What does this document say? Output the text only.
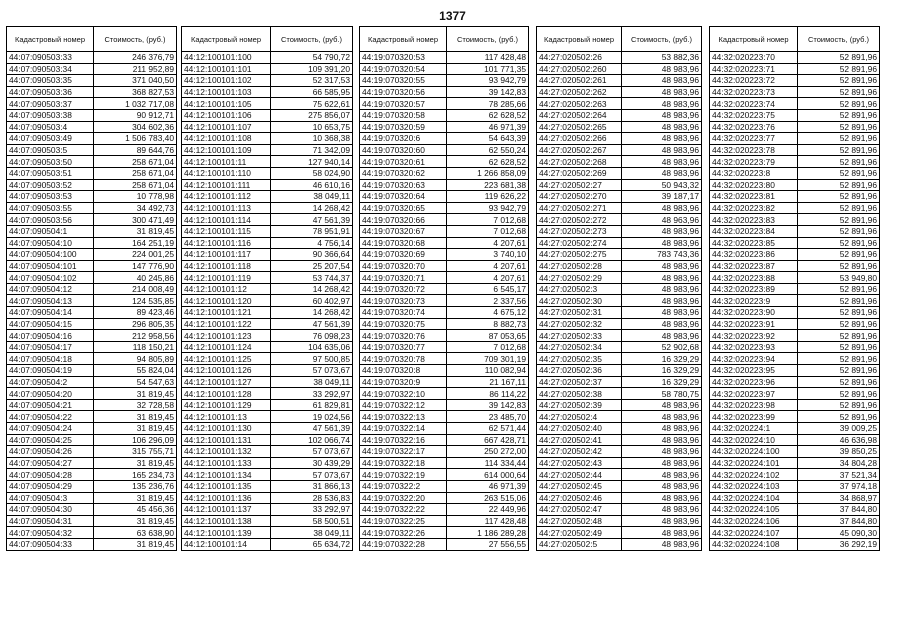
1377
Кадастровый номер	Стоимость, (руб.)
44:07:090503:33	246 376,79
44:07:090503:34	211 952,89
44:07:090503:35	371 040,50
44:07:090503:36	368 827,53
44:07:090503:37	1 032 717,08
44:07:090503:38	90 912,71
44:07:090503:4	304 602,36
44:07:090503:49	1 506 783,40
44:07:090503:5	89 644,76
44:07:090503:50	258 671,04
44:07:090503:51	258 671,04
44:07:090503:52	258 671,04
44:07:090503:53	10 778,98
44:07:090503:55	34 492,73
44:07:090503:56	300 471,49
44:07:090504:1	31 819,45
44:07:090504:10	164 251,19
44:07:090504:100	224 001,25
44:07:090504:101	147 776,90
44:07:090504:102	40 245,86
44:07:090504:12	214 008,49
44:07:090504:13	124 535,85
44:07:090504:14	89 423,46
44:07:090504:15	296 805,35
44:07:090504:16	212 958,56
44:07:090504:17	118 150,21
44:07:090504:18	94 805,89
44:07:090504:19	55 824,04
44:07:090504:2	54 547,63
44:07:090504:20	31 819,45
44:07:090504:21	32 728,58
44:07:090504:22	31 819,45
44:07:090504:24	31 819,45
44:07:090504:25	106 296,09
44:07:090504:26	315 755,71
44:07:090504:27	31 819,45
44:07:090504:28	165 234,73
44:07:090504:29	135 236,76
44:07:090504:3	31 819,45
44:07:090504:30	45 456,36
44:07:090504:31	31 819,45
44:07:090504:32	63 638,90
44:07:090504:33	31 819,45
Кадастровый номер	Стоимость, (руб.)
44:12:100101:100	54 790,72
44:12:100101:101	109 391,20
44:12:100101:102	52 317,53
44:12:100101:103	66 585,95
44:12:100101:105	75 622,61
44:12:100101:106	275 856,07
44:12:100101:107	10 653,75
44:12:100101:108	10 368,38
44:12:100101:109	71 342,09
44:12:100101:11	127 940,14
44:12:100101:110	58 024,90
44:12:100101:111	46 610,16
44:12:100101:112	38 049,11
44:12:100101:113	14 268,42
44:12:100101:114	47 561,39
44:12:100101:115	78 951,91
44:12:100101:116	4 756,14
44:12:100101:117	90 366,64
44:12:100101:118	25 207,54
44:12:100101:119	53 744,37
44:12:100101:12	14 268,42
44:12:100101:120	60 402,97
44:12:100101:121	14 268,42
44:12:100101:122	47 561,39
44:12:100101:123	76 098,23
44:12:100101:124	104 635,06
44:12:100101:125	97 500,85
44:12:100101:126	57 073,67
44:12:100101:127	38 049,11
44:12:100101:128	33 292,97
44:12:100101:129	61 829,81
44:12:100101:13	19 024,56
44:12:100101:130	47 561,39
44:12:100101:131	102 066,74
44:12:100101:132	57 073,67
44:12:100101:133	30 439,29
44:12:100101:134	57 073,67
44:12:100101:135	31 866,13
44:12:100101:136	28 536,83
44:12:100101:137	33 292,97
44:12:100101:138	58 500,51
44:12:100101:139	38 049,11
44:12:100101:14	65 634,72
Кадастровый номер	Стоимость, (руб.)
44:19:070320:53	117 428,48
44:19:070320:54	101 771,35
44:19:070320:55	93 942,79
44:19:070320:56	39 142,83
44:19:070320:57	78 285,66
44:19:070320:58	62 628,52
44:19:070320:59	46 971,39
44:19:070320:6	54 643,39
44:19:070320:60	62 550,24
44:19:070320:61	62 628,52
44:19:070320:62	1 266 858,09
44:19:070320:63	223 681,38
44:19:070320:64	119 626,22
44:19:070320:65	93 942,79
44:19:070320:66	7 012,68
44:19:070320:67	7 012,68
44:19:070320:68	4 207,61
44:19:070320:69	3 740,10
44:19:070320:70	4 207,61
44:19:070320:71	4 207,61
44:19:070320:72	6 545,17
44:19:070320:73	2 337,56
44:19:070320:74	4 675,12
44:19:070320:75	8 882,73
44:19:070320:76	87 053,65
44:19:070320:77	7 012,68
44:19:070320:78	709 301,19
44:19:070320:8	110 082,94
44:19:070320:9	21 167,11
44:19:070322:10	86 114,22
44:19:070322:12	39 142,83
44:19:070322:13	23 485,70
44:19:070322:14	62 571,44
44:19:070322:16	667 428,71
44:19:070322:17	250 272,00
44:19:070322:18	114 334,44
44:19:070322:19	614 000,64
44:19:070322:2	46 971,39
44:19:070322:20	263 515,06
44:19:070322:22	22 449,96
44:19:070322:25	117 428,48
44:19:070322:26	1 186 289,28
44:19:070322:28	27 556,55
Кадастровый номер	Стоимость, (руб.)
44:27:020502:26	53 882,36
44:27:020502:260	48 983,96
44:27:020502:261	48 983,96
44:27:020502:262	48 983,96
44:27:020502:263	48 983,96
44:27:020502:264	48 983,96
44:27:020502:265	48 983,96
44:27:020502:266	48 983,96
44:27:020502:267	48 983,96
44:27:020502:268	48 983,96
44:27:020502:269	48 983,96
44:27:020502:27	50 943,32
44:27:020502:270	39 187,17
44:27:020502:271	48 983,96
44:27:020502:272	48 963,96
44:27:020502:273	48 983,96
44:27:020502:274	48 983,96
44:27:020502:275	783 743,36
44:27:020502:28	48 983,96
44:27:020502:29	48 983,96
44:27:020502:3	48 983,96
44:27:020502:30	48 983,96
44:27:020502:31	48 983,96
44:27:020502:32	48 983,96
44:27:020502:33	48 983,96
44:27:020502:34	52 902,68
44:27:020502:35	16 329,29
44:27:020502:36	16 329,29
44:27:020502:37	16 329,29
44:27:020502:38	58 780,75
44:27:020502:39	48 983,96
44:27:020502:4	48 983,96
44:27:020502:40	48 983,96
44:27:020502:41	48 983,96
44:27:020502:42	48 983,96
44:27:020502:43	48 983,96
44:27:020502:44	48 983,96
44:27:020502:45	48 983,96
44:27:020502:46	48 983,96
44:27:020502:47	48 983,96
44:27:020502:48	48 983,96
44:27:020502:49	48 983,96
44:27:020502:5	48 983,96
Кадастровый номер	Стоимость, (руб.)
44:32:020223:70	52 891,96
44:32:020223:71	52 891,96
44:32:020223:72	52 891,96
44:32:020223:73	52 891,96
44:32:020223:74	52 891,96
44:32:020223:75	52 891,96
44:32:020223:76	52 891,96
44:32:020223:77	52 891,96
44:32:020223:78	52 891,96
44:32:020223:79	52 891,96
44:32:020223:8	52 891,96
44:32:020223:80	52 891,96
44:32:020223:81	52 891,96
44:32:020223:82	52 891,96
44:32:020223:83	52 891,96
44:32:020223:84	52 891,96
44:32:020223:85	52 891,96
44:32:020223:86	52 891,96
44:32:020223:87	52 891,96
44:32:020223:88	53 949,80
44:32:020223:89	52 891,96
44:32:020223:9	52 891,96
44:32:020223:90	52 891,96
44:32:020223:91	52 891,96
44:32:020223:92	52 891,96
44:32:020223:93	52 891,96
44:32:020223:94	52 891,96
44:32:020223:95	52 891,96
44:32:020223:96	52 891,96
44:32:020223:97	52 891,96
44:32:020223:98	52 891,96
44:32:020223:99	52 891,96
44:32:020224:1	39 009,25
44:32:020224:10	46 636,98
44:32:020224:100	39 850,25
44:32:020224:101	34 804,28
44:32:020224:102	37 521,34
44:32:020224:103	37 974,18
44:32:020224:104	34 868,97
44:32:020224:105	37 844,80
44:32:020224:106	37 844,80
44:32:020224:107	45 090,30
44:32:020224:108	36 292,19
